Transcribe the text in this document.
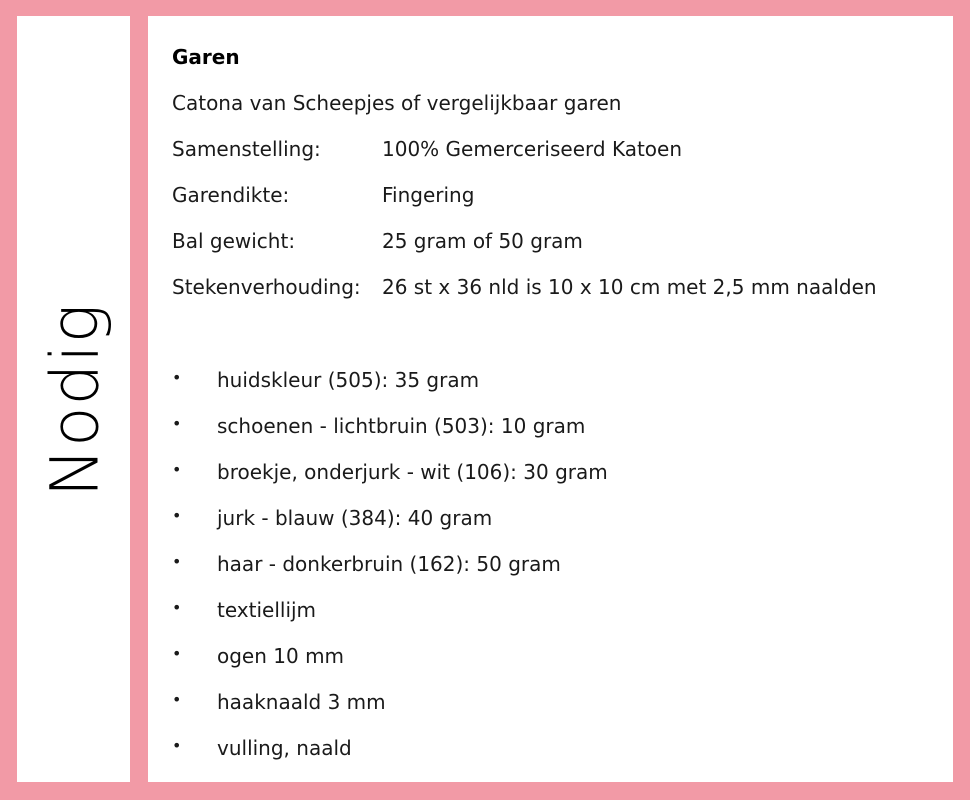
Nodig
Garen
Catona van Scheepjes of vergelijkbaar garen
Samenstelling:	100% Gemerceriseerd Katoen
Garendikte:	Fingering
Bal gewicht:	25 gram of 50 gram
Stekenverhouding: 26 st x 36 nld is 10 x 10 cm met 2,5 mm naalden
• huidskleur (505): 35 gram
• schoenen - lichtbruin (503): 10 gram
• broekje, onderjurk - wit (106): 30 gram
• jurk - blauw (384): 40 gram
• haar - donkerbruin (162): 50 gram
• textiellijm
• ogen 10 mm
• haaknaald 3 mm
• vulling, naald
